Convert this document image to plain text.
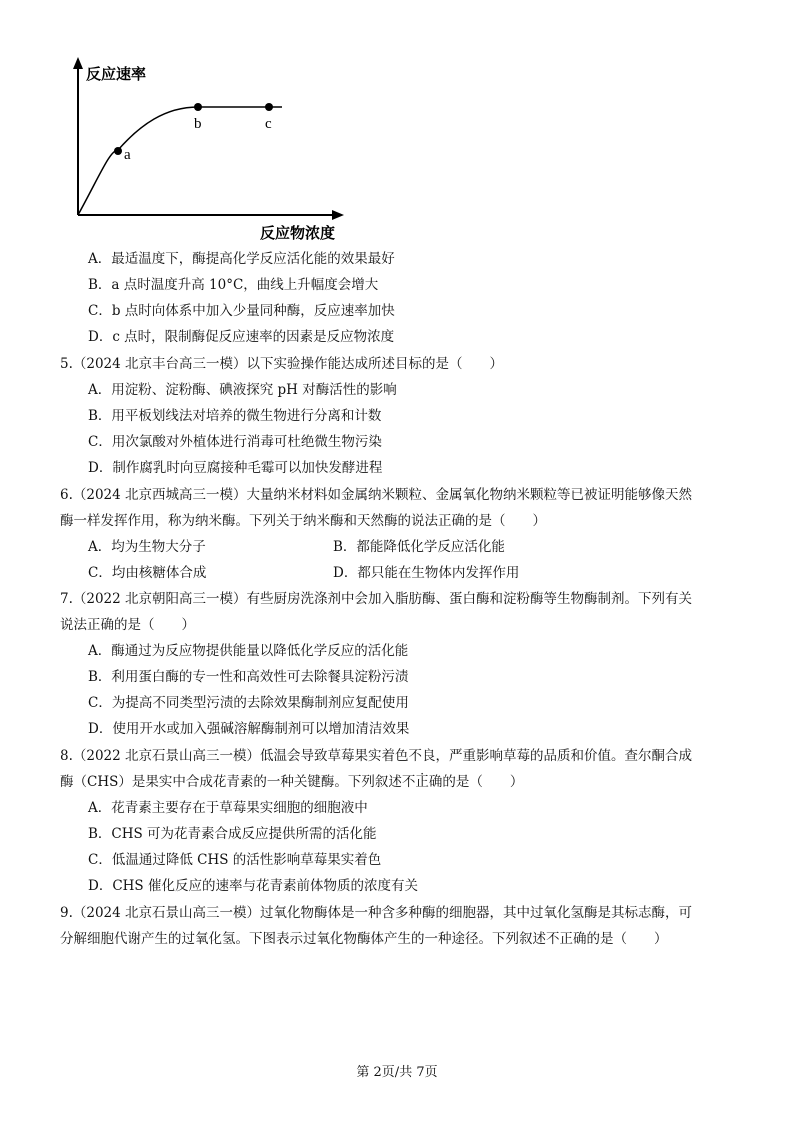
a
b	c
反应速率
反应物浓度
A．最适温度下，酶提高化学反应活化能的效果最好
B．a 点时温度升高 10°C，曲线上升幅度会增大
C．b 点时向体系中加入少量同种酶，反应速率加快
D．c 点时，限制酶促反应速率的因素是反应物浓度
5.（2024 北京丰台高三一模）以下实验操作能达成所述目标的是（　　）
A．用淀粉、淀粉酶、碘液探究 pH 对酶活性的影响
B．用平板划线法对培养的微生物进行分离和计数
C．用次氯酸对外植体进行消毒可杜绝微生物污染
D．制作腐乳时向豆腐接种毛霉可以加快发酵进程
6.（2024 北京西城高三一模）大量纳米材料如金属纳米颗粒、金属氧化物纳米颗粒等已被证明能够像天然
酶一样发挥作用，称为纳米酶。下列关于纳米酶和天然酶的说法正确的是（　　）
A．均为生物大分子	B．都能降低化学反应活化能
C．均由核糖体合成	D．都只能在生物体内发挥作用
7.（2022 北京朝阳高三一模）有些厨房洗涤剂中会加入脂肪酶、蛋白酶和淀粉酶等生物酶制剂。下列有关
说法正确的是（　　）
A．酶通过为反应物提供能量以降低化学反应的活化能
B．利用蛋白酶的专一性和高效性可去除餐具淀粉污渍
C．为提高不同类型污渍的去除效果酶制剂应复配使用
D．使用开水或加入强碱溶解酶制剂可以增加清洁效果
8.（2022 北京石景山高三一模）低温会导致草莓果实着色不良，严重影响草莓的品质和价值。查尔酮合成
酶（CHS）是果实中合成花青素的一种关键酶。下列叙述不正确的是（　　）
A．花青素主要存在于草莓果实细胞的细胞液中
B．CHS 可为花青素合成反应提供所需的活化能
C．低温通过降低 CHS 的活性影响草莓果实着色
D．CHS 催化反应的速率与花青素前体物质的浓度有关
9.（2024 北京石景山高三一模）过氧化物酶体是一种含多种酶的细胞器，其中过氧化氢酶是其标志酶，可
分解细胞代谢产生的过氧化氢。下图表示过氧化物酶体产生的一种途径。下列叙述不正确的是（　　）
第 2页/共 7页
